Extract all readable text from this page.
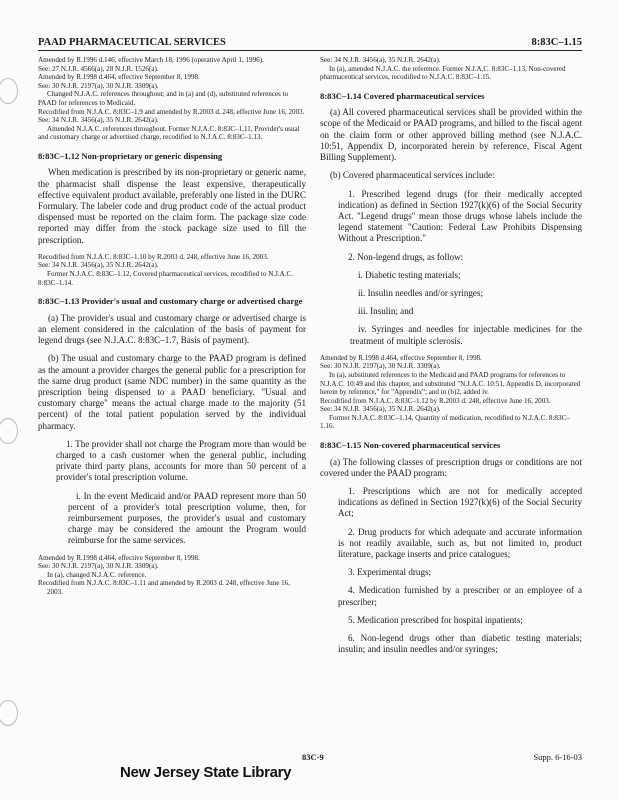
PAAD PHARMACEUTICAL SERVICES	8:83C–1.15

Amended by R.1996 d.146, effective March 18, 1996 (operative April 1, 1996).

See: 27 N.J.R. 4566(a), 28 N.J.R. 1526(a).

Amended by R.1998 d.464, effective September 8, 1998.

See: 30 N.J.R. 2197(a), 30 N.J.R. 3309(a).

Changed N.J.A.C. references throughout; and in (a) and (d), substituted references to PAAD for references to Medicaid.

Recodified from N.J.A.C. 8:83C–1.9 and amended by R.2003 d. 248, effective June 16, 2003.

See: 34 N.J.R. 3456(a), 35 N.J.R. 2642(a).

Amended N.J.A.C. references throughout. Former N.J.A.C. 8:83C–1.11, Provider's usual and customary charge or advertised charge, recodified to N.J.A.C. 8:83C–1.13.

8:83C–1.12 Non-proprietary or generic dispensing

When medication is prescribed by its non-proprietary or generic name, the pharmacist shall dispense the least expensive, therapeutically effective equivalent product available, preferably one listed in the DURC Formulary. The labeler code and drug product code of the actual product dispensed must be reported on the claim form. The package size code reported may differ from the stock package size used to fill the prescription.

Recodified from N.J.A.C. 8:83C–1.10 by R.2003 d. 248, effective June 16, 2003.

See: 34 N.J.R. 3456(a), 35 N.J.R. 2642(a).

Former N.J.A.C. 8:83C–1.12, Covered pharmaceutical services, recodified to N.J.A.C. 8:83C–1.14.

8:83C–1.13 Provider's usual and customary charge or advertised charge

(a) The provider's usual and customary charge or advertised charge is an element considered in the calculation of the basis of payment for legend drugs (see N.J.A.C. 8:83C–1.7, Basis of payment).

(b) The usual and customary charge to the PAAD program is defined as the amount a provider charges the general public for a prescription for the same drug product (same NDC number) in the same quantity as the prescription being dispensed to a PAAD beneficiary. "Usual and customary charge" means the actual charge made to the majority (51 percent) of the total patient population served by the individual pharmacy.

1. The provider shall not charge the Program more than would be charged to a cash customer when the general public, including private third party plans, accounts for more than 50 percent of a provider's total prescription volume.

i. In the event Medicaid and/or PAAD represent more than 50 percent of a provider's total prescription volume, then, for reimbursement purposes, the provider's usual and customary charge may be considered the amount the Program would reimburse for the same services.

Amended by R.1998 d.464, effective September 8, 1998.

See: 30 N.J.R. 2197(a), 30 N.J.R. 3309(a).

In (a), changed N.J.A.C. reference.

Recodified from N.J.A.C. 8:83C–1.11 and amended by R.2003 d. 248, effective June 16, 2003.

See: 34 N.J.R. 3456(a), 35 N.J.R. 2642(a).

In (a), amended N.J.A.C. the reference. Former N.J.A.C. 8:83C–1.13, Non-covered pharmaceutical services, recodified to N.J.A.C. 8:83C–1.15.

8:83C–1.14 Covered pharmaceutical services

(a) All covered pharmaceutical services shall be provided within the scope of the Medicaid or PAAD programs, and billed to the fiscal agent on the claim form or other approved billing method (see N.J.A.C. 10:51, Appendix D, incorporated herein by reference, Fiscal Agent Billing Supplement).

(b) Covered pharmaceutical services include:

1. Prescribed legend drugs (for their medically accepted indication) as defined in Section 1927(k)(6) of the Social Security Act. "Legend drugs" mean those drugs whose labels include the legend statement "Caution: Federal Law Prohibits Dispensing Without a Prescription."

2. Non-legend drugs, as follow:

i. Diabetic testing materials;

ii. Insulin needles and/or syringes;

iii. Insulin; and

iv. Syringes and needles for injectable medicines for the treatment of multiple sclerosis.

Amended by R.1998 d.464, effective September 8, 1998.

See: 30 N.J.R. 2197(a), 30 N.J.R. 3309(a).

In (a), substituted references to the Medicaid and PAAD programs for references to N.J.A.C. 10:49 and this chapter, and substituted "N.J.A.C. 10:51, Appendix D, incorporated herein by reference," for "Appendix"; and in (b)2, added iv.

Recodified from N.J.A.C. 8:83C–1.12 by R.2003 d. 248, effective June 16, 2003.

See: 34 N.J.R. 3456(a), 35 N.J.R. 2642(a).

Former N.J.A.C. 8:83C–1.14, Quantity of medication, recodified to N.J.A.C. 8:83C–1.16.

8:83C–1.15 Non-covered pharmaceutical services

(a) The following classes of prescription drugs or conditions are not covered under the PAAD program:

1. Prescriptions which are not for medically accepted indications as defined in Section 1927(k)(6) of the Social Security Act;

2. Drug products for which adequate and accurate information is not readily available, such as, but not limited to, product literature, package inserts and price catalogues;

3. Experimental drugs;

4. Medication furnished by a prescriber or an employee of a prescriber;

5. Medication prescribed for hospital inpatients;

6. Non-legend drugs other than diabetic testing materials; insulin; and insulin needles and/or syringes;

83C-9	Supp. 6-16-03
New Jersey State Library
